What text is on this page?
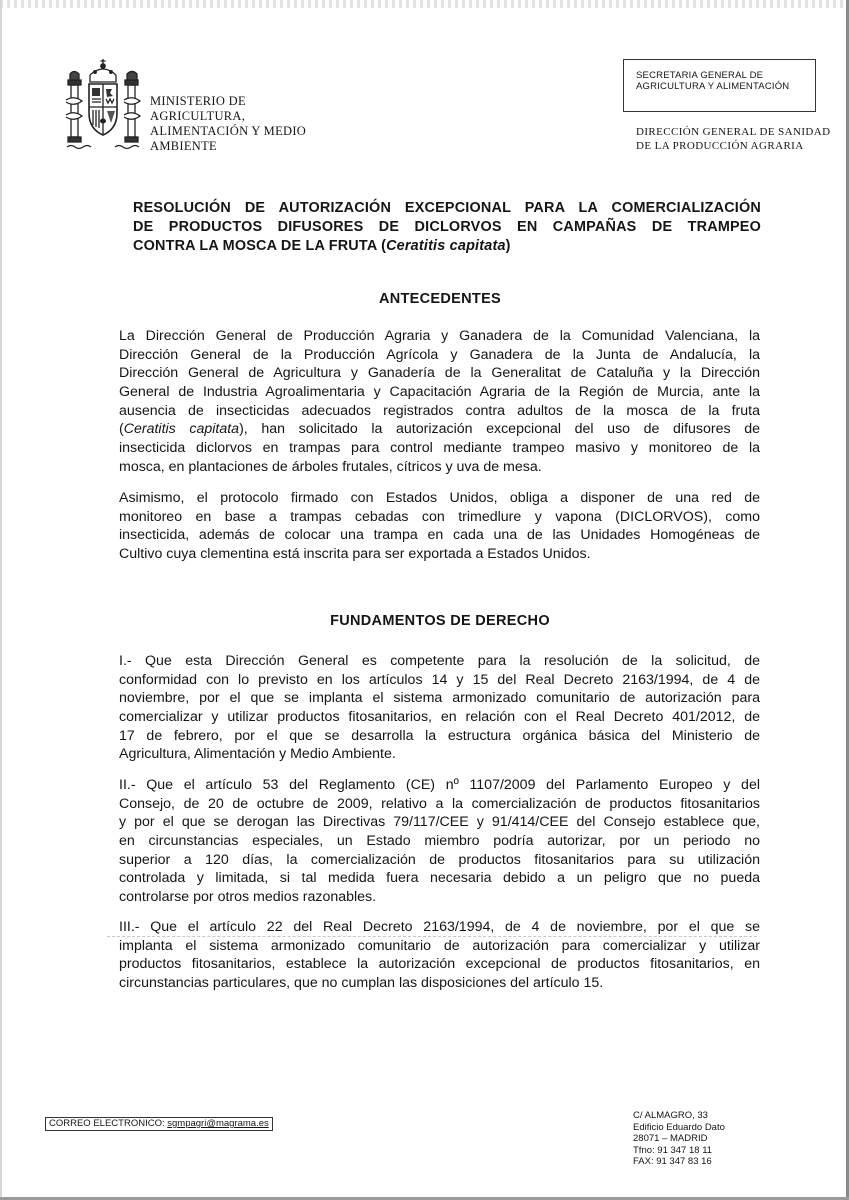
MINISTERIO DE
AGRICULTURA,
ALIMENTACIÓN Y MEDIO
AMBIENTE
SECRETARIA GENERAL DE
AGRICULTURA Y ALIMENTACIÓN
DIRECCIÓN GENERAL DE SANIDAD
DE LA PRODUCCIÓN AGRARIA
RESOLUCIÓN DE AUTORIZACIÓN EXCEPCIONAL PARA LA COMERCIALIZACIÓN
DE PRODUCTOS DIFUSORES DE DICLORVOS EN CAMPAÑAS DE TRAMPEO
CONTRA LA MOSCA DE LA FRUTA (Ceratitis capitata)
ANTECEDENTES
La Dirección General de Producción Agraria y Ganadera de la Comunidad Valenciana, la
Dirección General de la Producción Agrícola y Ganadera de la Junta de Andalucía, la
Dirección General de Agricultura y Ganadería de la Generalitat de Cataluña y la Dirección
General de Industria Agroalimentaria y Capacitación Agraria de la Región de Murcia, ante la
ausencia de insecticidas adecuados registrados contra adultos de la mosca de la fruta
(Ceratitis capitata), han solicitado la autorización excepcional del uso de difusores de
insecticida diclorvos en trampas para control mediante trampeo masivo y monitoreo de la
mosca, en plantaciones de árboles frutales, cítricos y uva de mesa.
Asimismo, el protocolo firmado con Estados Unidos, obliga a disponer de una red de
monitoreo en base a trampas cebadas con trimedlure y vapona (DICLORVOS), como
insecticida, además de colocar una trampa en cada una de las Unidades Homogéneas de
Cultivo cuya clementina está inscrita para ser exportada a Estados Unidos.
FUNDAMENTOS DE DERECHO
I.- Que esta Dirección General es competente para la resolución de la solicitud, de
conformidad con lo previsto en los artículos 14 y 15 del Real Decreto 2163/1994, de 4 de
noviembre, por el que se implanta el sistema armonizado comunitario de autorización para
comercializar y utilizar productos fitosanitarios, en relación con el Real Decreto 401/2012, de
17 de febrero, por el que se desarrolla la estructura orgánica básica del Ministerio de
Agricultura, Alimentación y Medio Ambiente.
II.- Que el artículo 53 del Reglamento (CE) nº 1107/2009 del Parlamento Europeo y del
Consejo, de 20 de octubre de 2009, relativo a la comercialización de productos fitosanitarios
y por el que se derogan las Directivas 79/117/CEE y 91/414/CEE del Consejo establece que,
en circunstancias especiales, un Estado miembro podría autorizar, por un periodo no
superior a 120 días, la comercialización de productos fitosanitarios para su utilización
controlada y limitada, si tal medida fuera necesaria debido a un peligro que no pueda
controlarse por otros medios razonables.
III.- Que el artículo 22 del Real Decreto 2163/1994, de 4 de noviembre, por el que se
implanta el sistema armonizado comunitario de autorización para comercializar y utilizar
productos fitosanitarios, establece la autorización excepcional de productos fitosanitarios, en
circunstancias particulares, que no cumplan las disposiciones del artículo 15.
CORREO ELECTRONICO: sgmpagri@magrama.es
C/ ALMAGRO, 33
Edificio Eduardo Dato
28071 – MADRID
Tfno: 91 347 18 11
FAX: 91 347 83 16
